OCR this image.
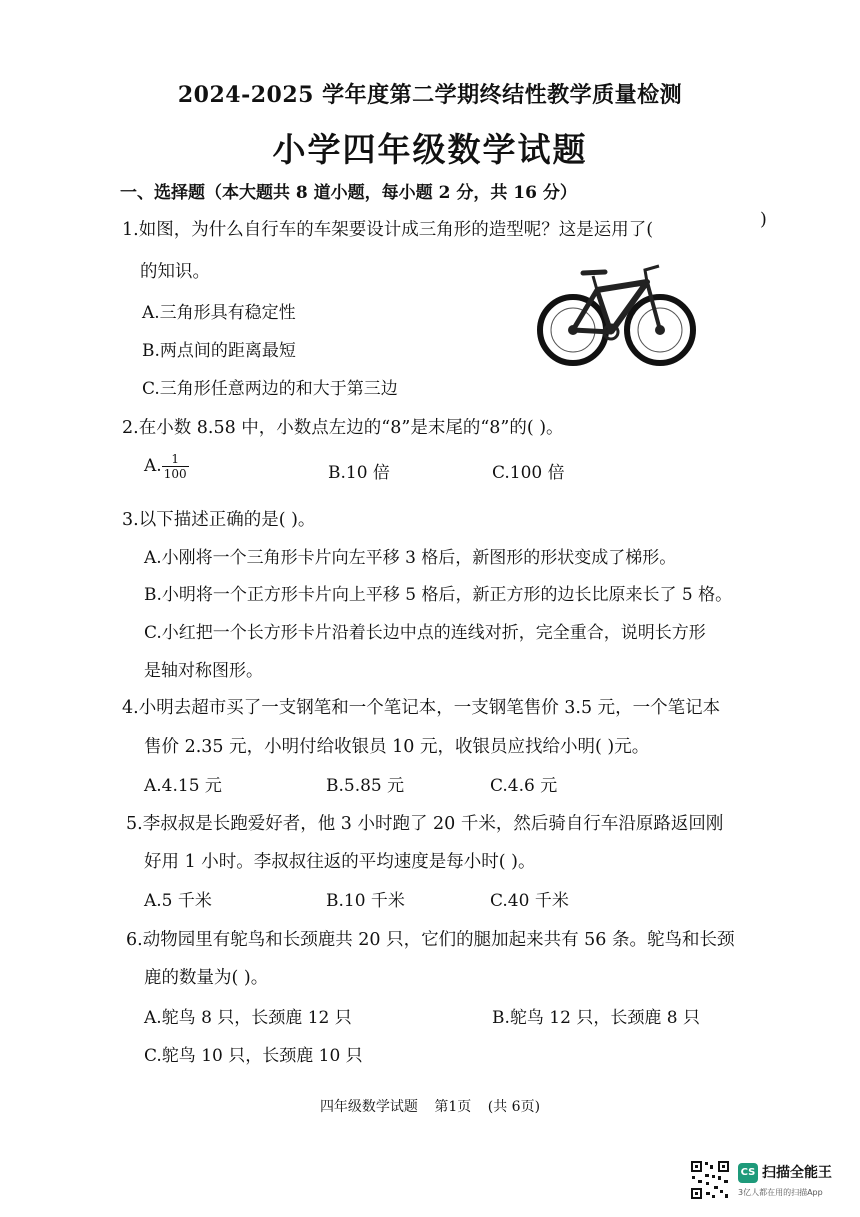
2024-2025 学年度第二学期终结性教学质量检测
小学四年级数学试题
一、选择题（本大题共 8 道小题，每小题 2 分，共 16 分）
1.如图，为什么自行车的车架要设计成三角形的造型呢？这是运用了(	)
的知识。
A.三角形具有稳定性
B.两点间的距离最短
C.三角形任意两边的和大于第三边
2.在小数 8.58 中，小数点左边的“8”是末尾的“8”的( )。
A. $\frac{1}{100}$	B.10 倍	C.100 倍
3.以下描述正确的是( )。
A.小刚将一个三角形卡片向左平移 3 格后，新图形的形状变成了梯形。
B.小明将一个正方形卡片向上平移 5 格后，新正方形的边长比原来长了 5 格。
C.小红把一个长方形卡片沿着长边中点的连线对折，完全重合，说明长方形
是轴对称图形。
4.小明去超市买了一支钢笔和一个笔记本，一支钢笔售价 3.5 元，一个笔记本
售价 2.35 元，小明付给收银员 10 元，收银员应找给小明( )元。
A.4.15 元	B.5.85 元	C.4.6 元
5.李叔叔是长跑爱好者，他 3 小时跑了 20 千米，然后骑自行车沿原路返回刚
好用 1 小时。李叔叔往返的平均速度是每小时( )。
A.5 千米	B.10 千米	C.40 千米
6.动物园里有鸵鸟和长颈鹿共 20 只，它们的腿加起来共有 56 条。鸵鸟和长颈
鹿的数量为( )。
A.鸵鸟 8 只，长颈鹿 12 只	B.鸵鸟 12 只，长颈鹿 8 只
C.鸵鸟 10 只，长颈鹿 10 只
四年级数学试题 第1页 (共 6页)
CS 扫描全能王
3亿人都在用的扫描App
